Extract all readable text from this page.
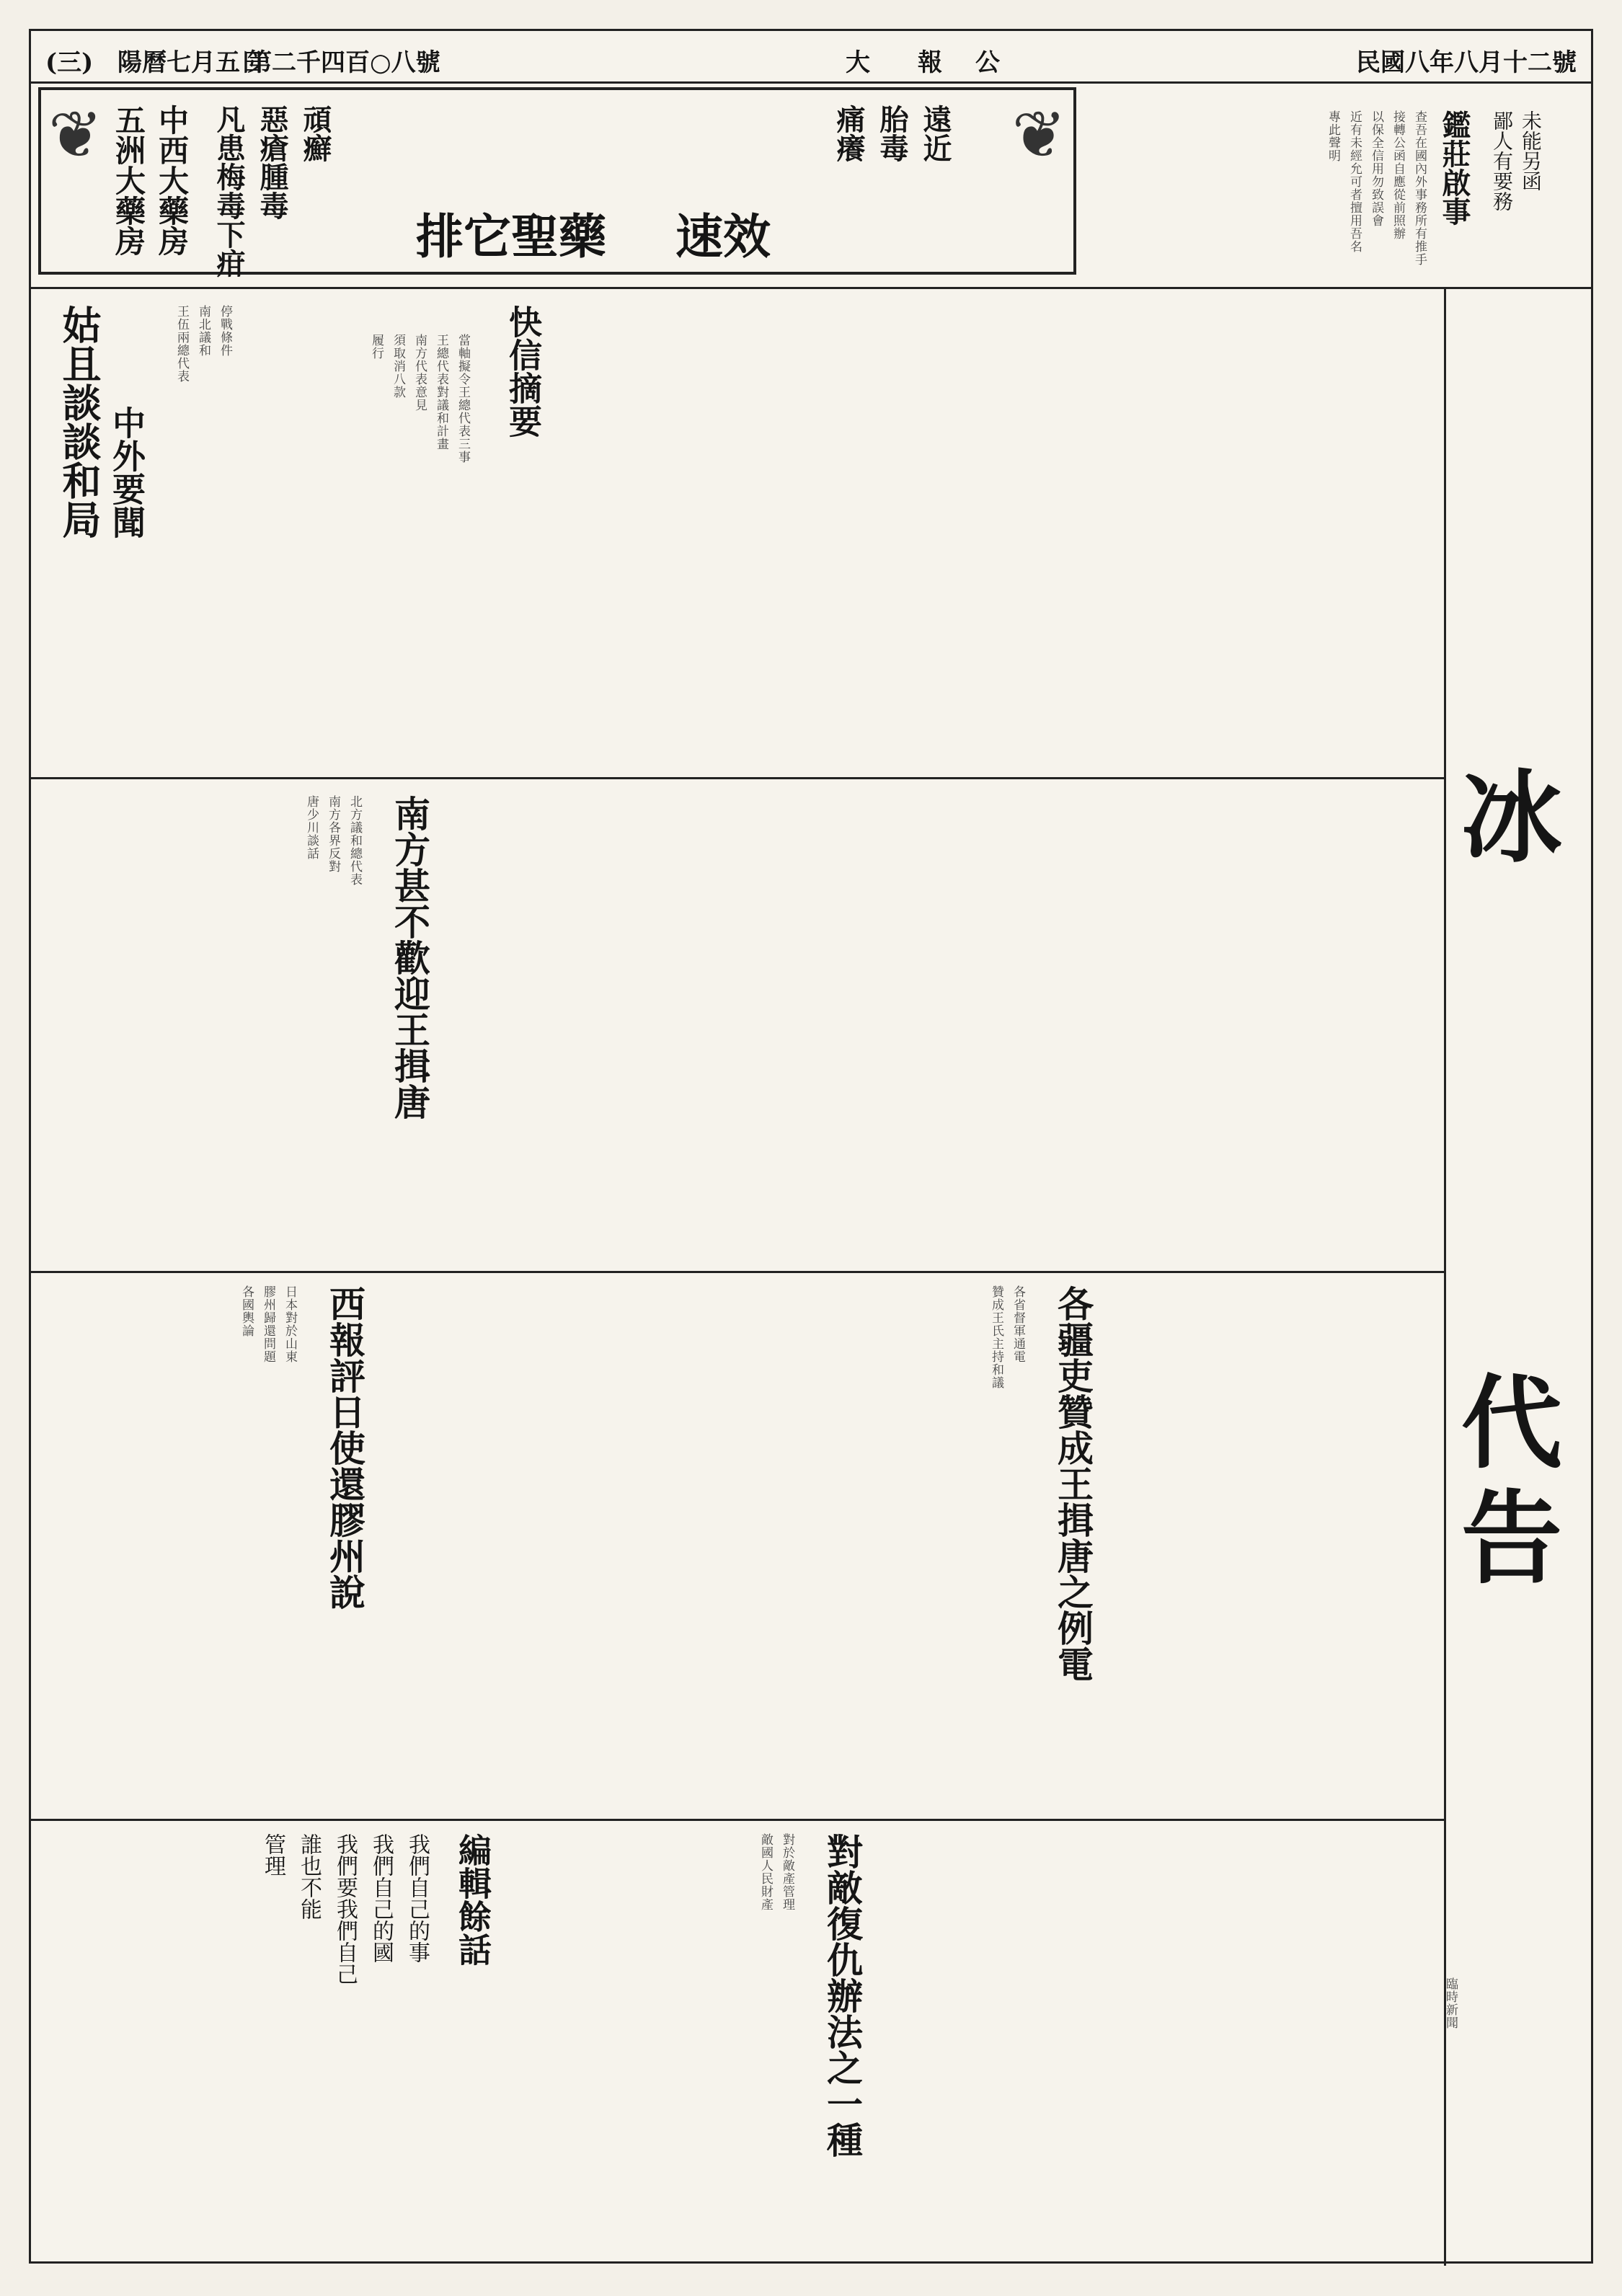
民國八年八月十二號
公
大 報
第二千四百○八號
陽曆七月五日
(三)
❦	❦
五洲大藥房 中西大藥房	排它聖藥 速效
凡患梅毒下疳 惡瘡腫毒 頑癬	痛癢 胎毒 遠近	鑑莊啟事
查吾在國內外事務所有推手
接轉公函自應從前照辦
以保全信用勿致誤會
近有未經允可者擅用吾名
專此聲明	鄙人有要務 未能另函
冰
代
告
快信摘要
當軸擬令王總代表三事
王總代表對議和計畫
南方代表意見
須取消八款
履行
中外要聞
姑且談談和局	王伍兩總代表 南北議和 停戰條件
南方甚不歡迎王揖唐
北方議和總代表
南方各界反對
唐少川談話
各疆吏贊成王揖唐之例電
各省督軍通電
贊成王氏主持和議
西報評日使還膠州說
日本對於山東
膠州歸還問題
各國輿論
對敵復仇辦法之一種
對於敵產管理
敵國人民財產
編輯餘話
我們自己的事
我們自己的國
我們要我們自己
誰也不能
管理
臨時新聞
